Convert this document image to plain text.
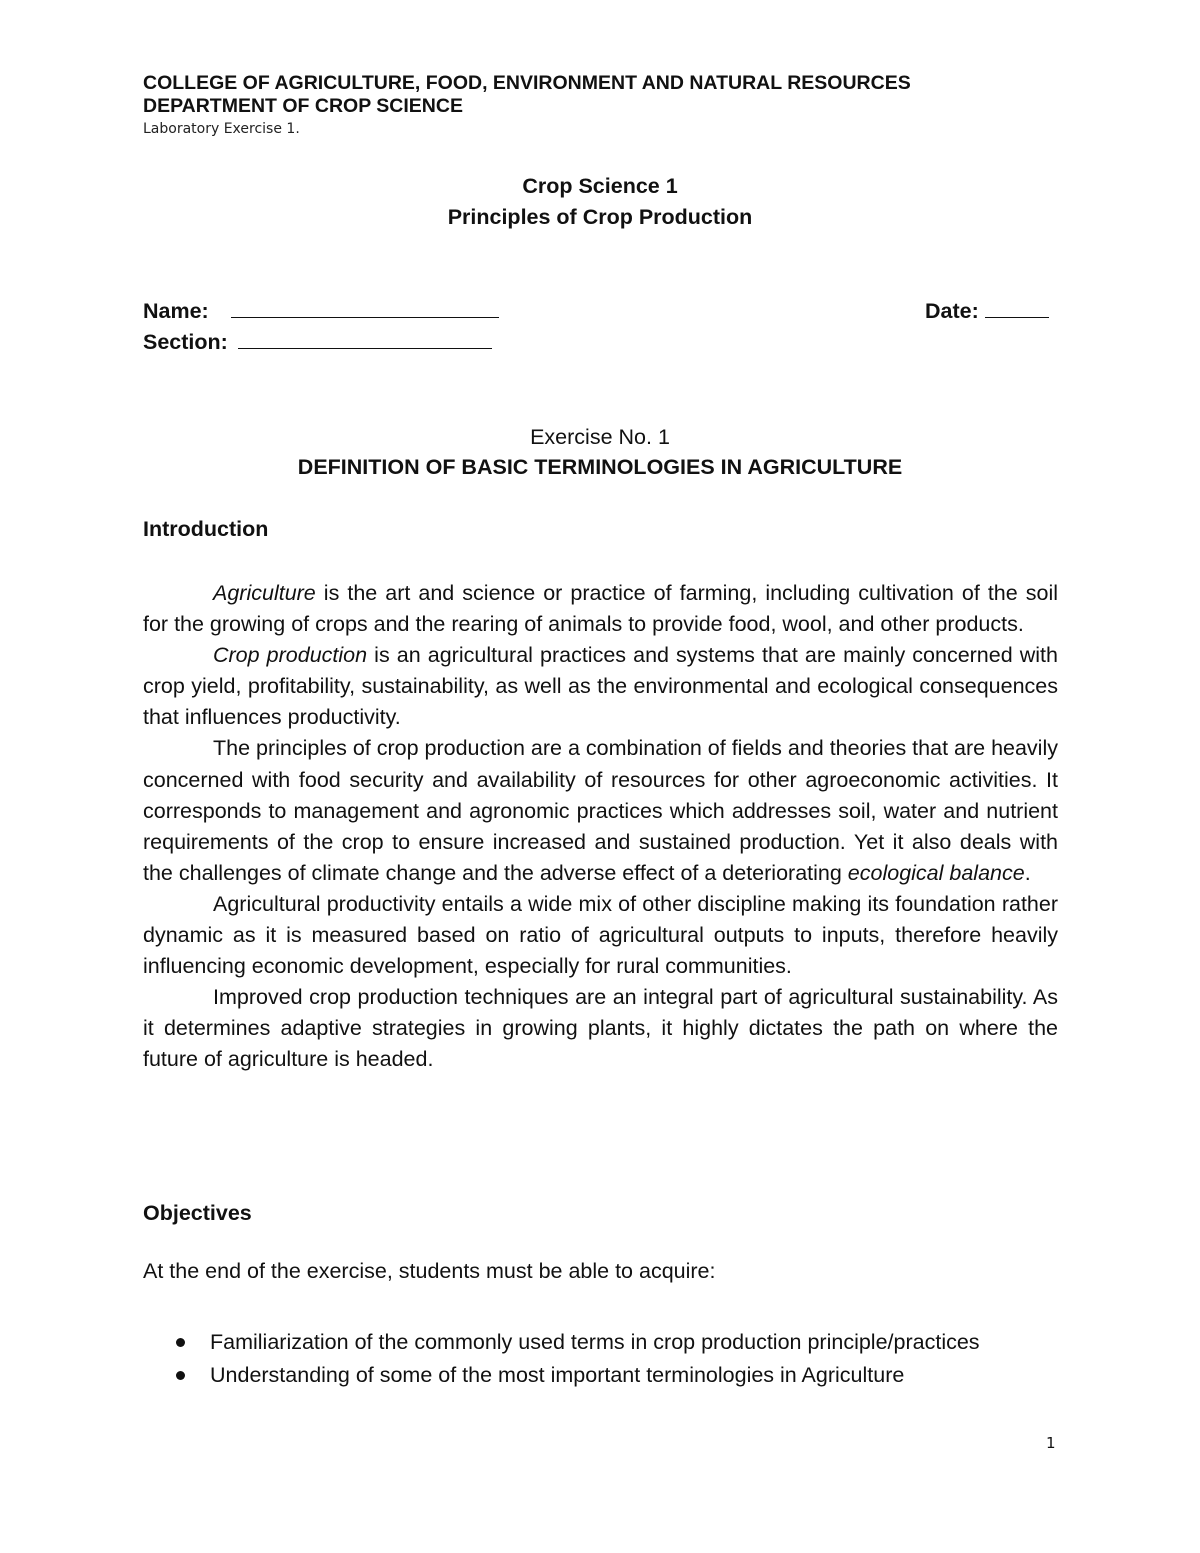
COLLEGE OF AGRICULTURE, FOOD, ENVIRONMENT AND NATURAL RESOURCES
DEPARTMENT OF CROP SCIENCE
Laboratory Exercise 1.
Crop Science 1
Principles of Crop Production
Name:	Date:
Section:
Exercise No. 1
DEFINITION OF BASIC TERMINOLOGIES IN AGRICULTURE
Introduction

Agriculture is the art and science or practice of farming, including cultivation of the soil for the growing of crops and the rearing of animals to provide food, wool, and other products.

Crop production is an agricultural practices and systems that are mainly concerned with crop yield, profitability, sustainability, as well as the environmental and ecological consequences that influences productivity.

The principles of crop production are a combination of fields and theories that are heavily concerned with food security and availability of resources for other agroeconomic activities. It corresponds to management and agronomic practices which addresses soil, water and nutrient requirements of the crop to ensure increased and sustained production. Yet it also deals with the challenges of climate change and the adverse effect of a deteriorating ecological balance.

Agricultural productivity entails a wide mix of other discipline making its foundation rather dynamic as it is measured based on ratio of agricultural outputs to inputs, therefore heavily influencing economic development, especially for rural communities.

Improved crop production techniques are an integral part of agricultural sustainability. As it determines adaptive strategies in growing plants, it highly dictates the path on where the future of agriculture is headed.

Objectives
At the end of the exercise, students must be able to acquire:
Familiarization of the commonly used terms in crop production principle/practices
Understanding of some of the most important terminologies in Agriculture
1
